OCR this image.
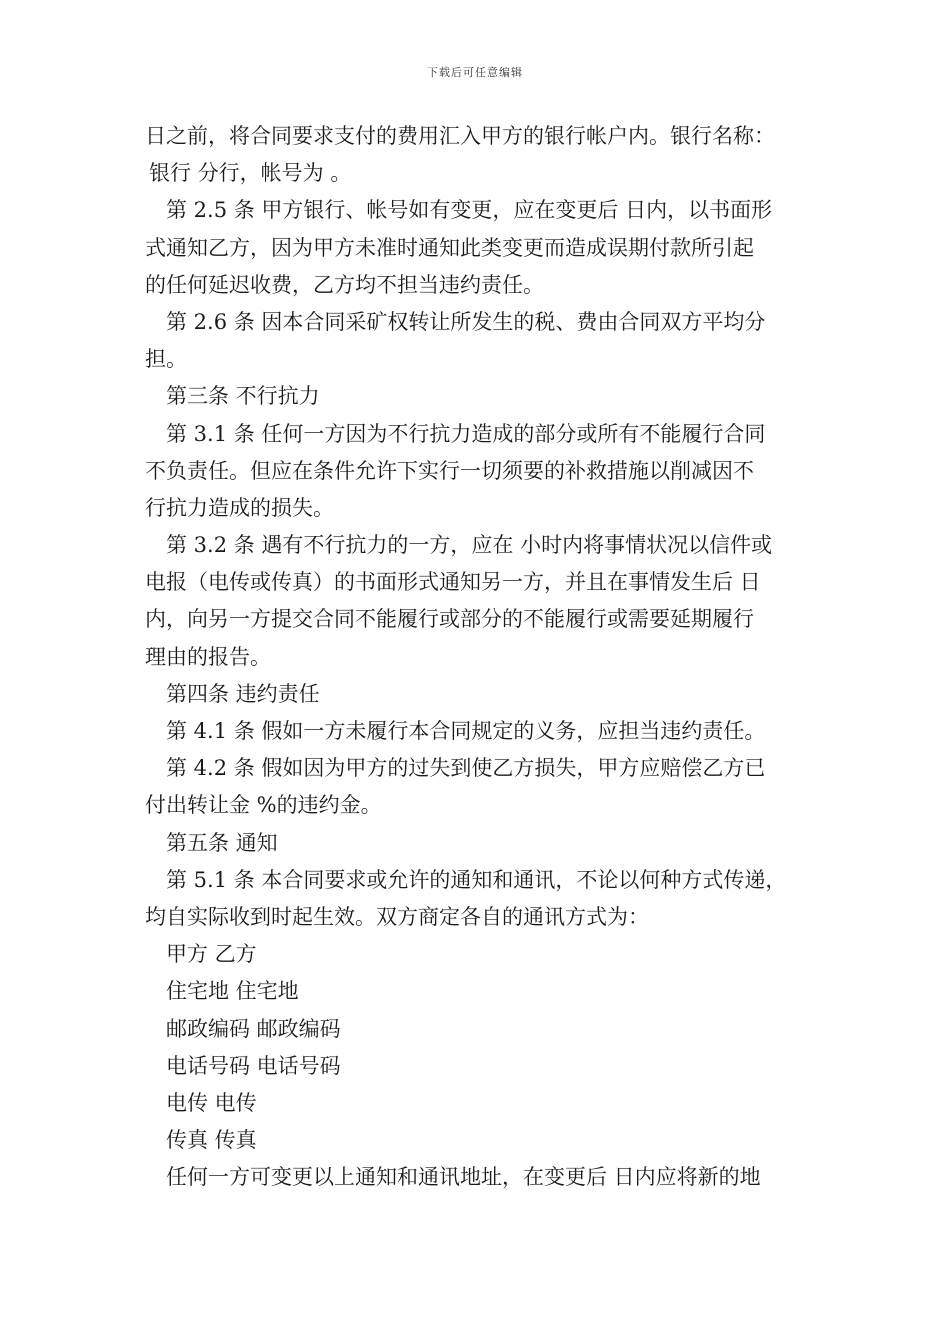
下载后可任意编辑
日之前，将合同要求支付的费用汇入甲方的银行帐户内。银行名称：
银行 分行，帐号为 。
第 2.5 条 甲方银行、帐号如有变更，应在变更后 日内，以书面形
式通知乙方，因为甲方未准时通知此类变更而造成误期付款所引起
的任何延迟收费，乙方均不担当违约责任。
第 2.6 条 因本合同采矿权转让所发生的税、费由合同双方平均分
担。
第三条 不行抗力
第 3.1 条 任何一方因为不行抗力造成的部分或所有不能履行合同
不负责任。但应在条件允许下实行一切须要的补救措施以削减因不
行抗力造成的损失。
第 3.2 条 遇有不行抗力的一方，应在 小时内将事情状况以信件或
电报（电传或传真）的书面形式通知另一方，并且在事情发生后 日
内，向另一方提交合同不能履行或部分的不能履行或需要延期履行
理由的报告。
第四条 违约责任
第 4.1 条 假如一方未履行本合同规定的义务，应担当违约责任。
第 4.2 条 假如因为甲方的过失到使乙方损失，甲方应赔偿乙方已
付出转让金 %的违约金。
第五条 通知
第 5.1 条 本合同要求或允许的通知和通讯，不论以何种方式传递，
均自实际收到时起生效。双方商定各自的通讯方式为：
甲方 乙方
住宅地 住宅地
邮政编码 邮政编码
电话号码 电话号码
电传 电传
传真 传真
任何一方可变更以上通知和通讯地址，在变更后 日内应将新的地
